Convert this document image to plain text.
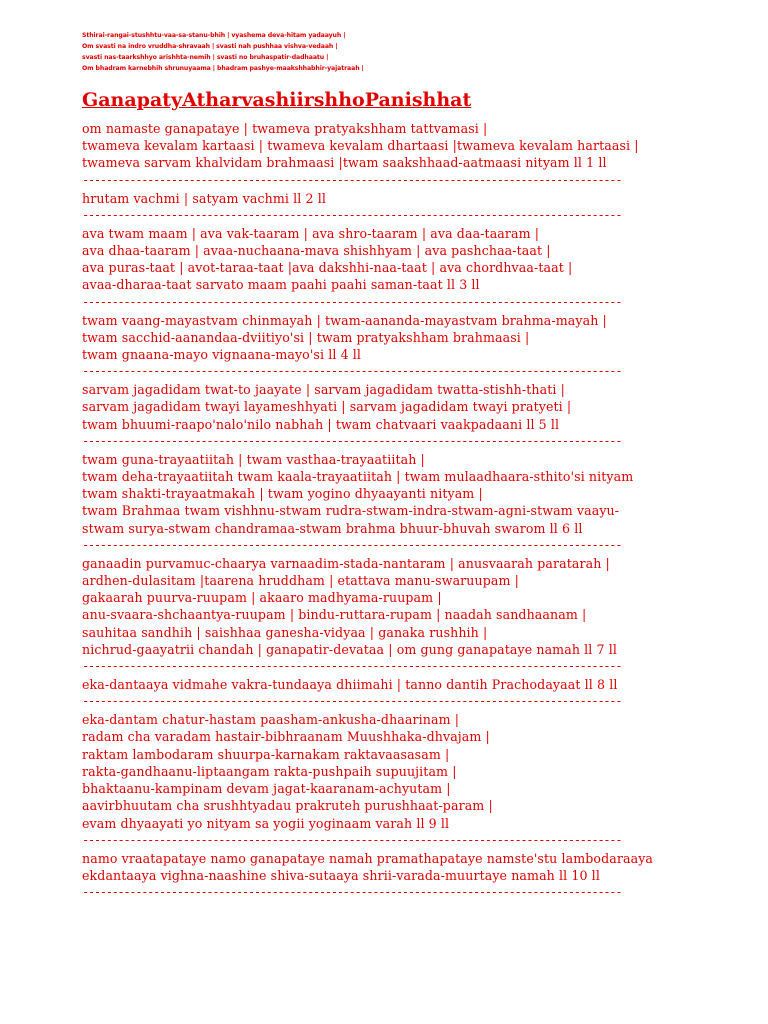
Sthirai-rangai-stushhtu-vaa-sa-stanu-bhih | vyashema deva-hitam yadaayuh |
Om svasti na indro vruddha-shravaah | svasti nah pushhaa vishva-vedaah |
svasti nas-taarkshhyo arishhta-nemih | svasti no bruhaspatir-dadhaatu |
Om bhadram karnebhih shrunuyaama | bhadram pashye-maakshhabhir-yajatraah |
GanapatyAtharvashiirshhoPanishhat
om namaste ganapataye | twameva pratyakshham tattvamasi |
twameva kevalam kartaasi | twameva kevalam dhartaasi |twameva kevalam hartaasi |
twameva sarvam khalvidam brahmaasi |twam saakshhaad-aatmaasi nityam ll 1 ll
-------------------------------------------------------------------------------------------
hrutam vachmi | satyam vachmi ll 2 ll
-------------------------------------------------------------------------------------------
ava twam maam | ava vak-taaram | ava shro-taaram | ava daa-taaram |
ava dhaa-taaram | avaa-nuchaana-mava shishhyam | ava pashchaa-taat |
ava puras-taat | avot-taraa-taat |ava dakshhi-naa-taat | ava chordhvaa-taat |
avaa-dharaa-taat sarvato maam paahi paahi saman-taat ll 3 ll
-------------------------------------------------------------------------------------------
twam vaang-mayastvam chinmayah | twam-aananda-mayastvam brahma-mayah |
twam sacchid-aanandaa-dviitiyo'si | twam pratyakshham brahmaasi |
twam gnaana-mayo vignaana-mayo'si ll 4 ll
-------------------------------------------------------------------------------------------
sarvam jagadidam twat-to jaayate | sarvam jagadidam twatta-stishh-thati |
sarvam jagadidam twayi layameshhyati | sarvam jagadidam twayi pratyeti |
twam bhuumi-raapo'nalo'nilo nabhah | twam chatvaari vaakpadaani ll 5 ll
-------------------------------------------------------------------------------------------
twam guna-trayaatiitah | twam vasthaa-trayaatiitah |
twam deha-trayaatiitah twam kaala-trayaatiitah | twam mulaadhaara-sthito'si nityam
twam shakti-trayaatmakah | twam yogino dhyaayanti nityam |
twam Brahmaa twam vishhnu-stwam rudra-stwam-indra-stwam-agni-stwam vaayu-
stwam surya-stwam chandramaa-stwam brahma bhuur-bhuvah swarom ll 6 ll
-------------------------------------------------------------------------------------------
ganaadin purvamuc-chaarya varnaadim-stada-nantaram | anusvaarah paratarah |
ardhen-dulasitam |taarena hruddham | etattava manu-swaruupam |
gakaarah puurva-ruupam | akaaro madhyama-ruupam |
anu-svaara-shchaantya-ruupam | bindu-ruttara-rupam | naadah sandhaanam |
sauhitaa sandhih | saishhaa ganesha-vidyaa | ganaka rushhih |
nichrud-gaayatrii chandah | ganapatir-devataa | om gung ganapataye namah ll 7 ll
-------------------------------------------------------------------------------------------
eka-dantaaya vidmahe vakra-tundaaya dhiimahi | tanno dantih Prachodayaat ll 8 ll
-------------------------------------------------------------------------------------------
eka-dantam chatur-hastam paasham-ankusha-dhaarinam |
radam cha varadam hastair-bibhraanam Muushhaka-dhvajam |
raktam lambodaram shuurpa-karnakam raktavaasasam |
rakta-gandhaanu-liptaangam rakta-pushpaih supuujitam |
bhaktaanu-kampinam devam jagat-kaaranam-achyutam |
aavirbhuutam cha srushhtyadau prakruteh purushhaat-param |
evam dhyaayati yo nityam sa yogii yoginaam varah ll 9 ll
-------------------------------------------------------------------------------------------
namo vraatapataye namo ganapataye namah pramathapataye namste'stu lambodaraaya
ekdantaaya vighna-naashine shiva-sutaaya shrii-varada-muurtaye namah ll 10 ll
-------------------------------------------------------------------------------------------
